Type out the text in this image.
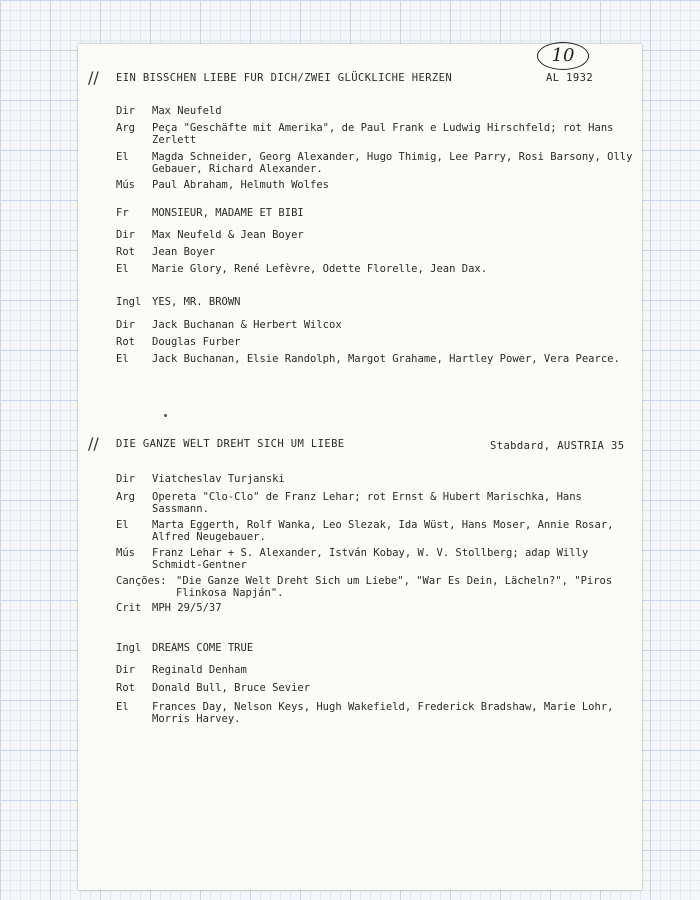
10
// EIN BISSCHEN LIEBE FUR DICH/ZWEI GLÜCKLICHE HERZEN	AL 1932
Dir	Max Neufeld
Arg	Peça "Geschäfte mit Amerika", de Paul Frank e Ludwig Hirschfeld; rot Hans Zerlett
El	Magda Schneider, Georg Alexander, Hugo Thimig, Lee Parry, Rosi Barsony, Olly Gebauer, Richard Alexander.
Mús	Paul Abraham, Helmuth Wolfes
Fr	MONSIEUR, MADAME ET BIBI
Dir	Max Neufeld & Jean Boyer
Rot	Jean Boyer
El	Marie Glory, René Lefèvre, Odette Florelle, Jean Dax.
Ingl	YES, MR. BROWN
Dir	Jack Buchanan & Herbert Wilcox
Rot	Douglas Furber
El	Jack Buchanan, Elsie Randolph, Margot Grahame, Hartley Power, Vera Pearce.
// DIE GANZE WELT DREHT SICH UM LIEBE	Stabdard, AUSTRIA 35
Dir	Viatcheslav Turjanski
Arg	Opereta "Clo-Clo" de Franz Lehar; rot Ernst & Hubert Marischka, Hans Sassmann.
El	Marta Eggerth, Rolf Wanka, Leo Slezak, Ida Wüst, Hans Moser, Annie Rosar, Alfred Neugebauer.
Mús	Franz Lehar + S. Alexander, István Kobay, W. V. Stollberg; adap Willy Schmidt-Gentner
Canções: "Die Ganze Welt Dreht Sich um Liebe", "War Es Dein, Lächeln?", "Piros Flinkosa Napján".
Crit	MPH 29/5/37
Ingl	DREAMS COME TRUE
Dir	Reginald Denham
Rot	Donald Bull, Bruce Sevier
El	Frances Day, Nelson Keys, Hugh Wakefield, Frederick Bradshaw, Marie Lohr, Morris Harvey.
